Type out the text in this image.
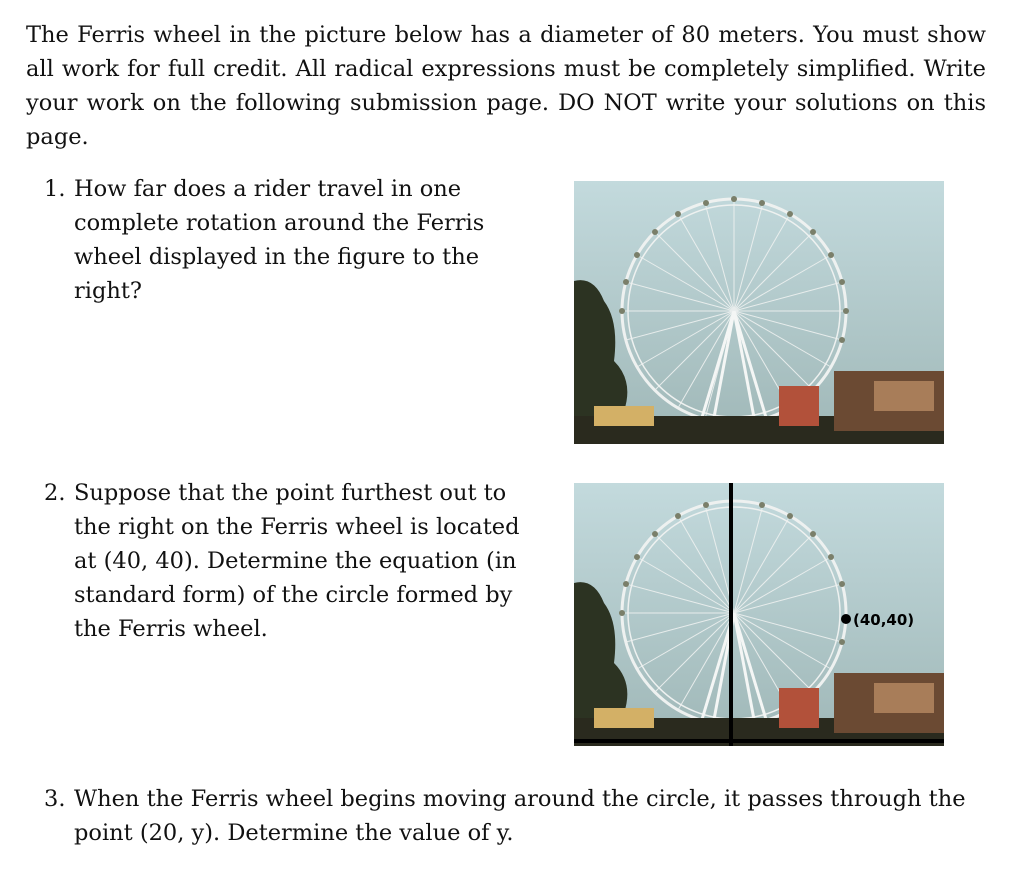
The Ferris wheel in the picture below has a diameter of 80 meters. You must show all work for full credit. All radical expressions must be completely simplified. Write your work on the following submission page. DO NOT write your solutions on this page.
1. How far does a rider travel in one complete rotation around the Ferris wheel displayed in the figure to the right?
2. Suppose that the point furthest out to the right on the Ferris wheel is located at (40, 40). Determine the equation (in standard form) of the circle formed by the Ferris wheel.	(40,40)
3. When the Ferris wheel begins moving around the circle, it passes through the point (20, y). Determine the value of y.
